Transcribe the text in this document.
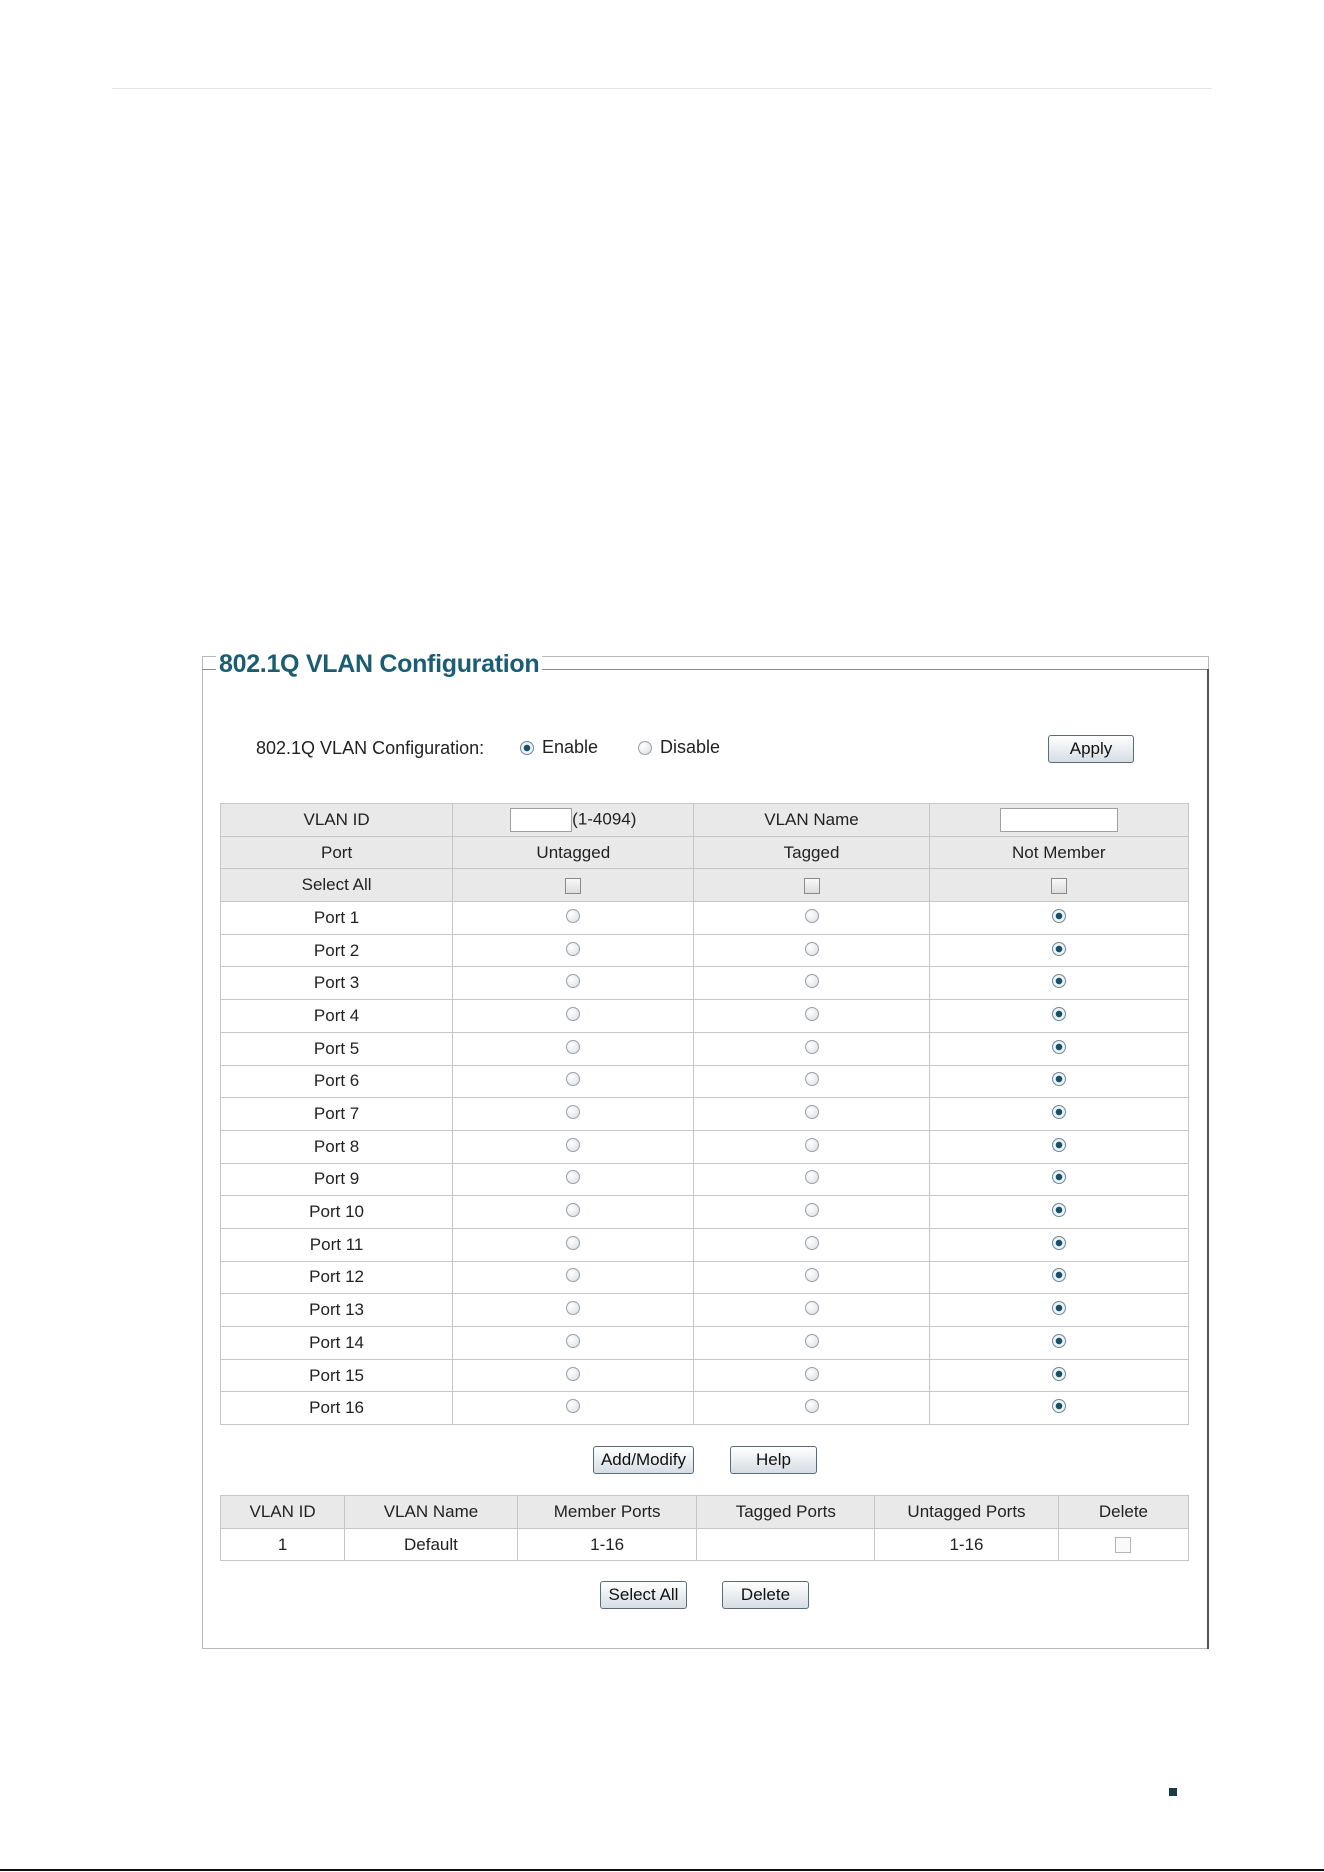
802.1Q VLAN Configuration
802.1Q VLAN Configuration:	Enable	Disable	Apply
VLAN ID	(1-4094)	VLAN Name	
Port	Untagged	Tagged	Not Member
Select All			
Port 1			
Port 2			
Port 3			
Port 4			
Port 5			
Port 6			
Port 7			
Port 8			
Port 9			
Port 10			
Port 11			
Port 12			
Port 13			
Port 14			
Port 15			
Port 16			
Add/Modify	Help
VLAN ID	VLAN Name	Member Ports	Tagged Ports	Untagged Ports	Delete
1	Default	1-16		1-16	
Select All	Delete
